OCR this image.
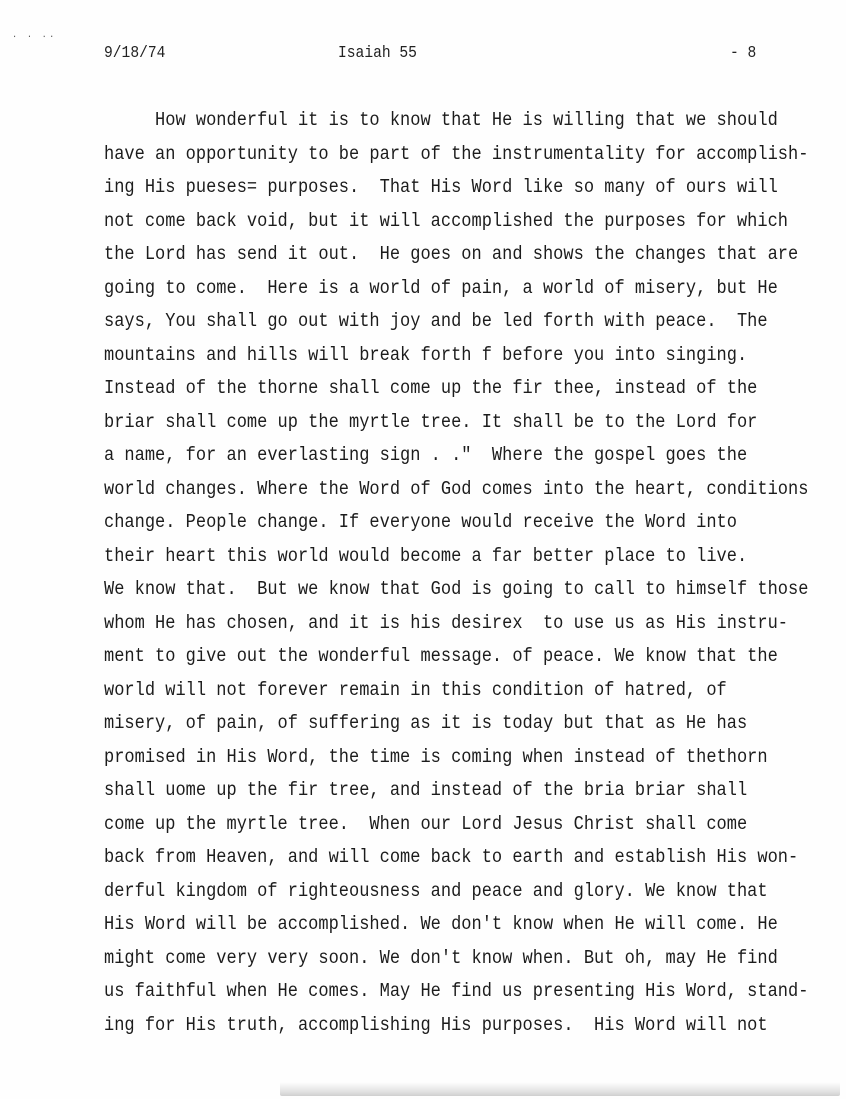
∙ · ∙·
9/18/74	Isaiah 55	- 8
How wonderful it is to know that He is willing that we should
have an opportunity to be part of the instrumentality for accomplish-
ing His pueses= purposes.  That His Word like so many of ours will
not come back void, but it will accomplished the purposes for which
the Lord has send it out.  He goes on and shows the changes that are
going to come.  Here is a world of pain, a world of misery, but He
says, You shall go out with joy and be led forth with peace.  The
mountains and hills will break forth f before you into singing.
Instead of the thorne shall come up the fir thee, instead of the
briar shall come up the myrtle tree. It shall be to the Lord for
a name, for an everlasting sign . ."  Where the gospel goes the
world changes. Where the Word of God comes into the heart, conditions
change. People change. If everyone would receive the Word into
their heart this world would become a far better place to live.
We know that.  But we know that God is going to call to himself those
whom He has chosen, and it is his desirex  to use us as His instru-
ment to give out the wonderful message. of peace. We know that the
world will not forever remain in this condition of hatred, of
misery, of pain, of suffering as it is today but that as He has
promised in His Word, the time is coming when instead of thethorn
shall uome up the fir tree, and instead of the bria briar shall
come up the myrtle tree.  When our Lord Jesus Christ shall come
back from Heaven, and will come back to earth and establish His won-
derful kingdom of righteousness and peace and glory. We know that
His Word will be accomplished. We don't know when He will come. He
might come very very soon. We don't know when. But oh, may He find
us faithful when He comes. May He find us presenting His Word, stand-
ing for His truth, accomplishing His purposes.  His Word will not
